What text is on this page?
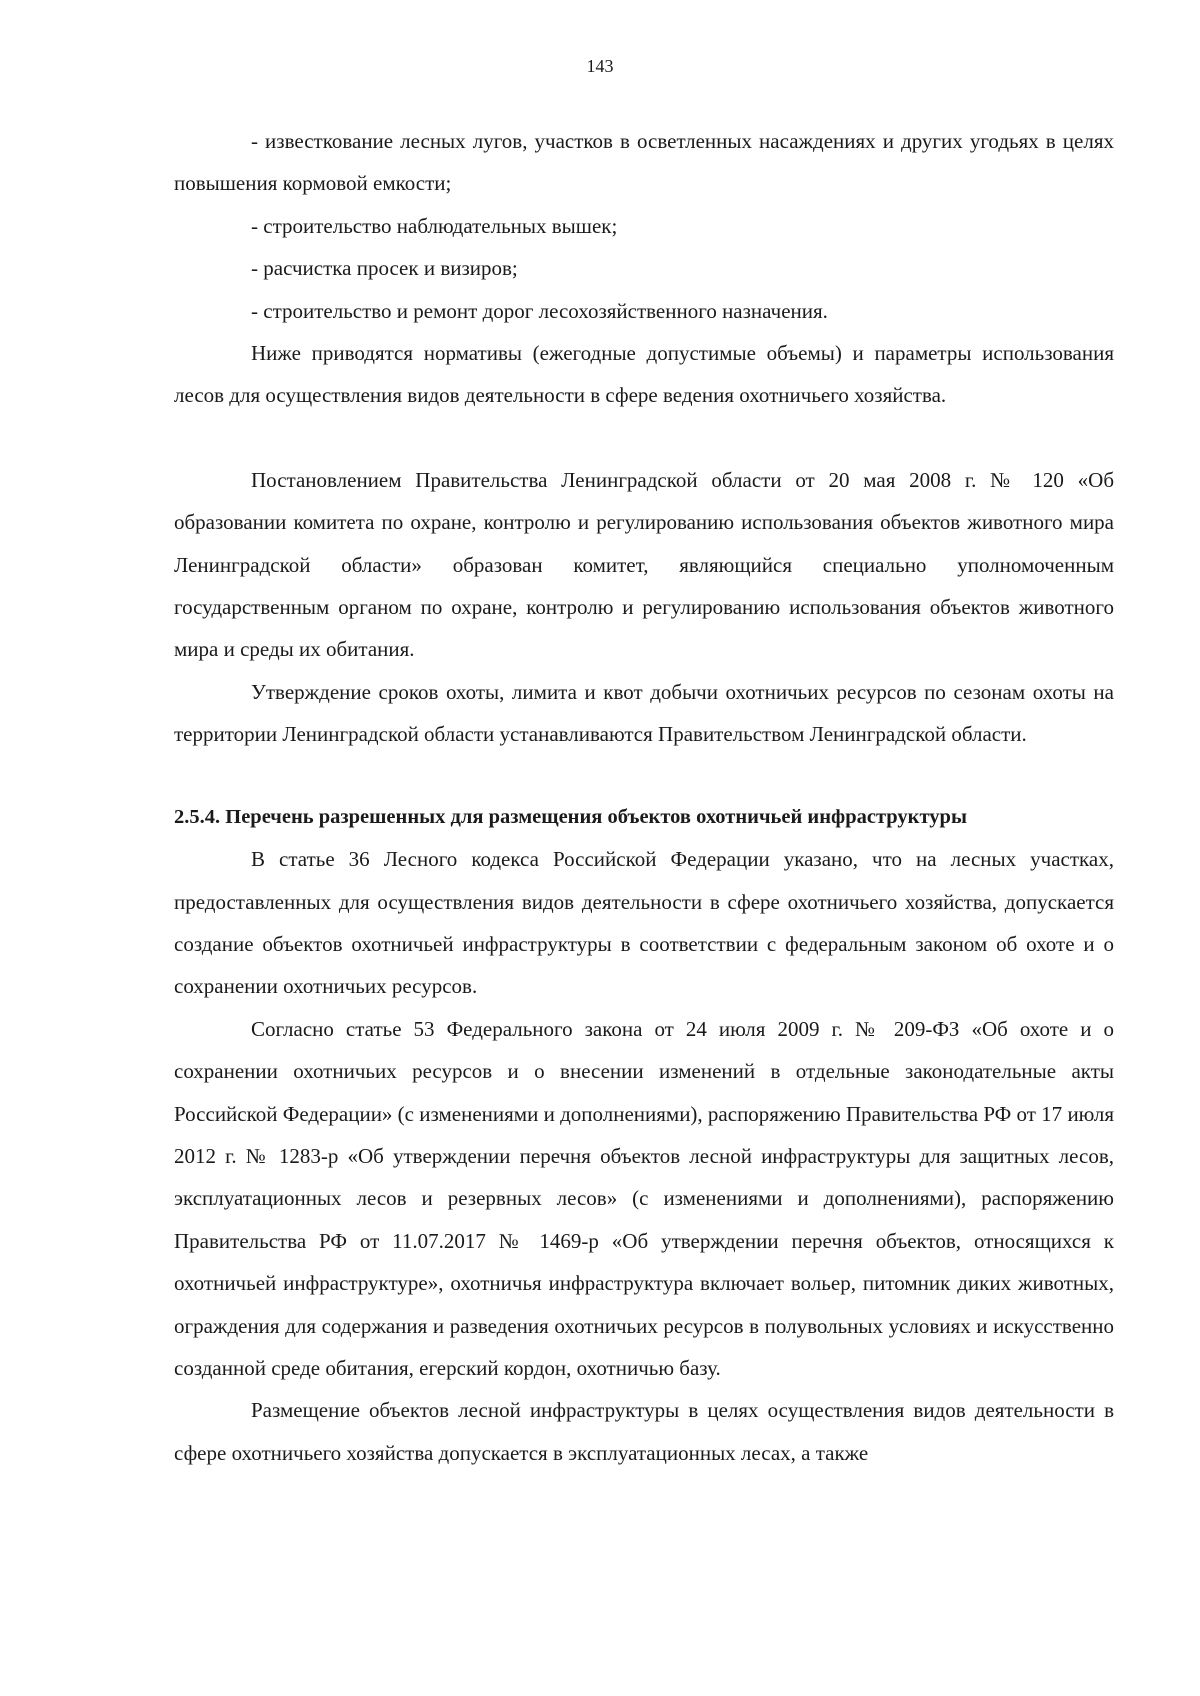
143

- известкование лесных лугов, участков в осветленных насаждениях и других угодьях в целях повышения кормовой емкости;

- строительство наблюдательных вышек;

- расчистка просек и визиров;

- строительство и ремонт дорог лесохозяйственного назначения.

Ниже приводятся нормативы (ежегодные допустимые объемы) и параметры использования лесов для осуществления видов деятельности в сфере ведения охотничьего хозяйства.

Постановлением Правительства Ленинградской области от 20 мая 2008 г. № 120 «Об образовании комитета по охране, контролю и регулированию использования объектов животного мира Ленинградской области» образован комитет, являющийся специально уполномоченным государственным органом по охране, контролю и регулированию использования объектов животного мира и среды их обитания.

Утверждение сроков охоты, лимита и квот добычи охотничьих ресурсов по сезонам охоты на территории Ленинградской области устанавливаются Правительством Ленинградской области.

2.5.4. Перечень разрешенных для размещения объектов охотничьей инфраструктуры

В статье 36 Лесного кодекса Российской Федерации указано, что на лесных участках, предоставленных для осуществления видов деятельности в сфере охотничьего хозяйства, допускается создание объектов охотничьей инфраструктуры в соответствии с федеральным законом об охоте и о сохранении охотничьих ресурсов.

Согласно статье 53 Федерального закона от 24 июля 2009 г. № 209-ФЗ «Об охоте и о сохранении охотничьих ресурсов и о внесении изменений в отдельные законодательные акты Российской Федерации» (с изменениями и дополнениями), распоряжению Правительства РФ от 17 июля 2012 г. № 1283-р «Об утверждении перечня объектов лесной инфраструктуры для защитных лесов, эксплуатационных лесов и резервных лесов» (с изменениями и дополнениями), распоряжению Правительства РФ от 11.07.2017 № 1469-р «Об утверждении перечня объектов, относящихся к охотничьей инфраструктуре», охотничья инфраструктура включает вольер, питомник диких животных, ограждения для содержания и разведения охотничьих ресурсов в полувольных условиях и искусственно созданной среде обитания, егерский кордон, охотничью базу.

Размещение объектов лесной инфраструктуры в целях осуществления видов деятельности в сфере охотничьего хозяйства допускается в эксплуатационных лесах, а также
